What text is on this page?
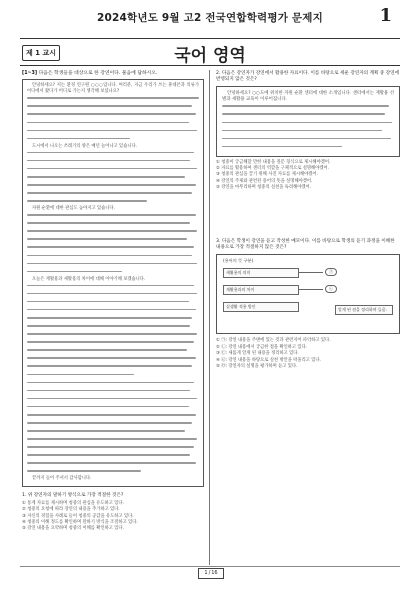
2024학년도 9월 고2 전국연합학력평가 문제지	1
제 1 교시	국어 영역
[1~3] 다음은 학생들을 대상으로 한 강연이다. 물음에 답하시오.

안녕하세요? 저는 환경 연구원 ○○○입니다. 여러분, 지금 우리가 쓰는 휴대폰과 의류가 어디에서 왔다가 어디로 가는지 생각해 보셨나요?

도시에서 나오는 쓰레기의 양은 매년 늘어나고 있습니다.

자원 순환에 대한 관심도 높아지고 있습니다.

오늘은 재활용과 새활용의 차이에 대해 이야기해 보겠습니다.

끝까지 들어 주셔서 감사합니다.

1. 위 강연자의 말하기 방식으로 가장 적절한 것은?
① 통계 자료를 제시하며 청중의 관심을 유도하고 있다.
② 청중의 요청에 따라 강연의 내용을 추가하고 있다.
③ 자신의 경험을 사례로 들어 청중의 공감을 유도하고 있다.
④ 청중의 이해 정도를 확인하며 말하기 방식을 조절하고 있다.
⑤ 강연 내용을 요약하며 청중의 이해를 확인하고 있다.
2. 다음은 강연자가 강연에서 활용한 자료이다. 이를 바탕으로 세운 강연자의 계획 중 강연에 반영되지 않은 것은?

안녕하세요? ○○도에 위치한 자원 순환 센터에 대한 소개입니다. 센터에서는 재활용 선별과 새활용 교육이 이루어집니다.

① 청중이 궁금해할 만한 내용을 질문 형식으로 제시해야겠어.
② 자료를 활용하여 센터의 역할을 구체적으로 설명해야겠어.
③ 청중의 관심을 끌기 위해 사진 자료를 제시해야겠어.
④ 강연의 주제와 관련된 용어의 뜻을 설명해야겠어.
⑤ 강연을 마무리하며 청중의 실천을 독려해야겠어.
3. 다음은 학생이 강연을 듣고 작성한 메모이다. 이를 바탕으로 학생의 듣기 과정을 이해한 내용으로 가장 적절하지 않은 것은?
(용어의 뜻 구분)
새활용의 의미
재활용과의 차이
실생활 적용 방안
㉠
㉡
알게 된 점을 정리하며 들음.
① ㉠: 강연 내용을 주변에 있는 것과 관련지어 파악하고 있다.
② ㉡: 강연 내용에서 궁금한 점을 확인하고 있다.
③ ㉢: 새롭게 알게 된 내용을 정리하고 있다.
④ ㉣: 강연 내용을 바탕으로 실천 방안을 떠올리고 있다.
⑤ ㉤: 강연자의 설명을 평가하며 듣고 있다.
1/16
